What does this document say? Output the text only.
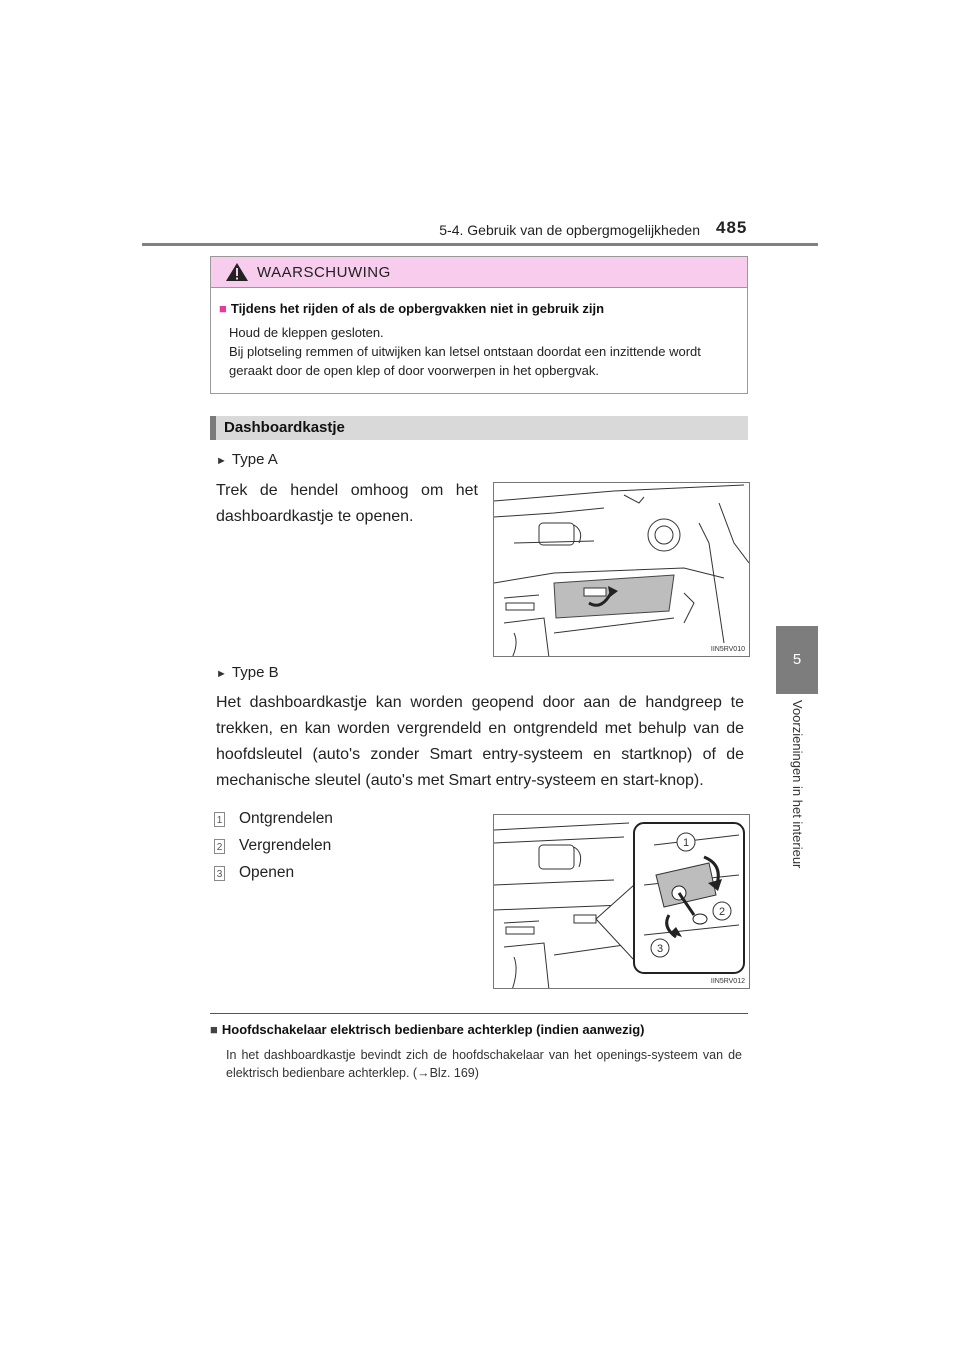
5-4. Gebruik van de opbergmogelijkheden 485
5
Voorzieningen in het interieur
WAARSCHUWING
■ Tijdens het rijden of als de opbergvakken niet in gebruik zijn
Houd de kleppen gesloten.
Bij plotseling remmen of uitwijken kan letsel ontstaan doordat een inzittende wordt geraakt door de open klep of door voorwerpen in het opbergvak.
Dashboardkastje
► Type A
Trek de hendel omhoog om het dashboardkastje te openen.
IIN5RV010
► Type B
Het dashboardkastje kan worden geopend door aan de handgreep te trekken, en kan worden vergrendeld en ontgrendeld met behulp van de hoofdsleutel (auto's zonder Smart entry-systeem en startknop) of de mechanische sleutel (auto's met Smart entry-systeem en start-knop).
1 Ontgrendelen
2 Vergrendelen
3 Openen
1
2
3
IIN5RV012
■ Hoofdschakelaar elektrisch bedienbare achterklep (indien aanwezig)
In het dashboardkastje bevindt zich de hoofdschakelaar van het openings-systeem van de elektrisch bedienbare achterklep. (→Blz. 169)
